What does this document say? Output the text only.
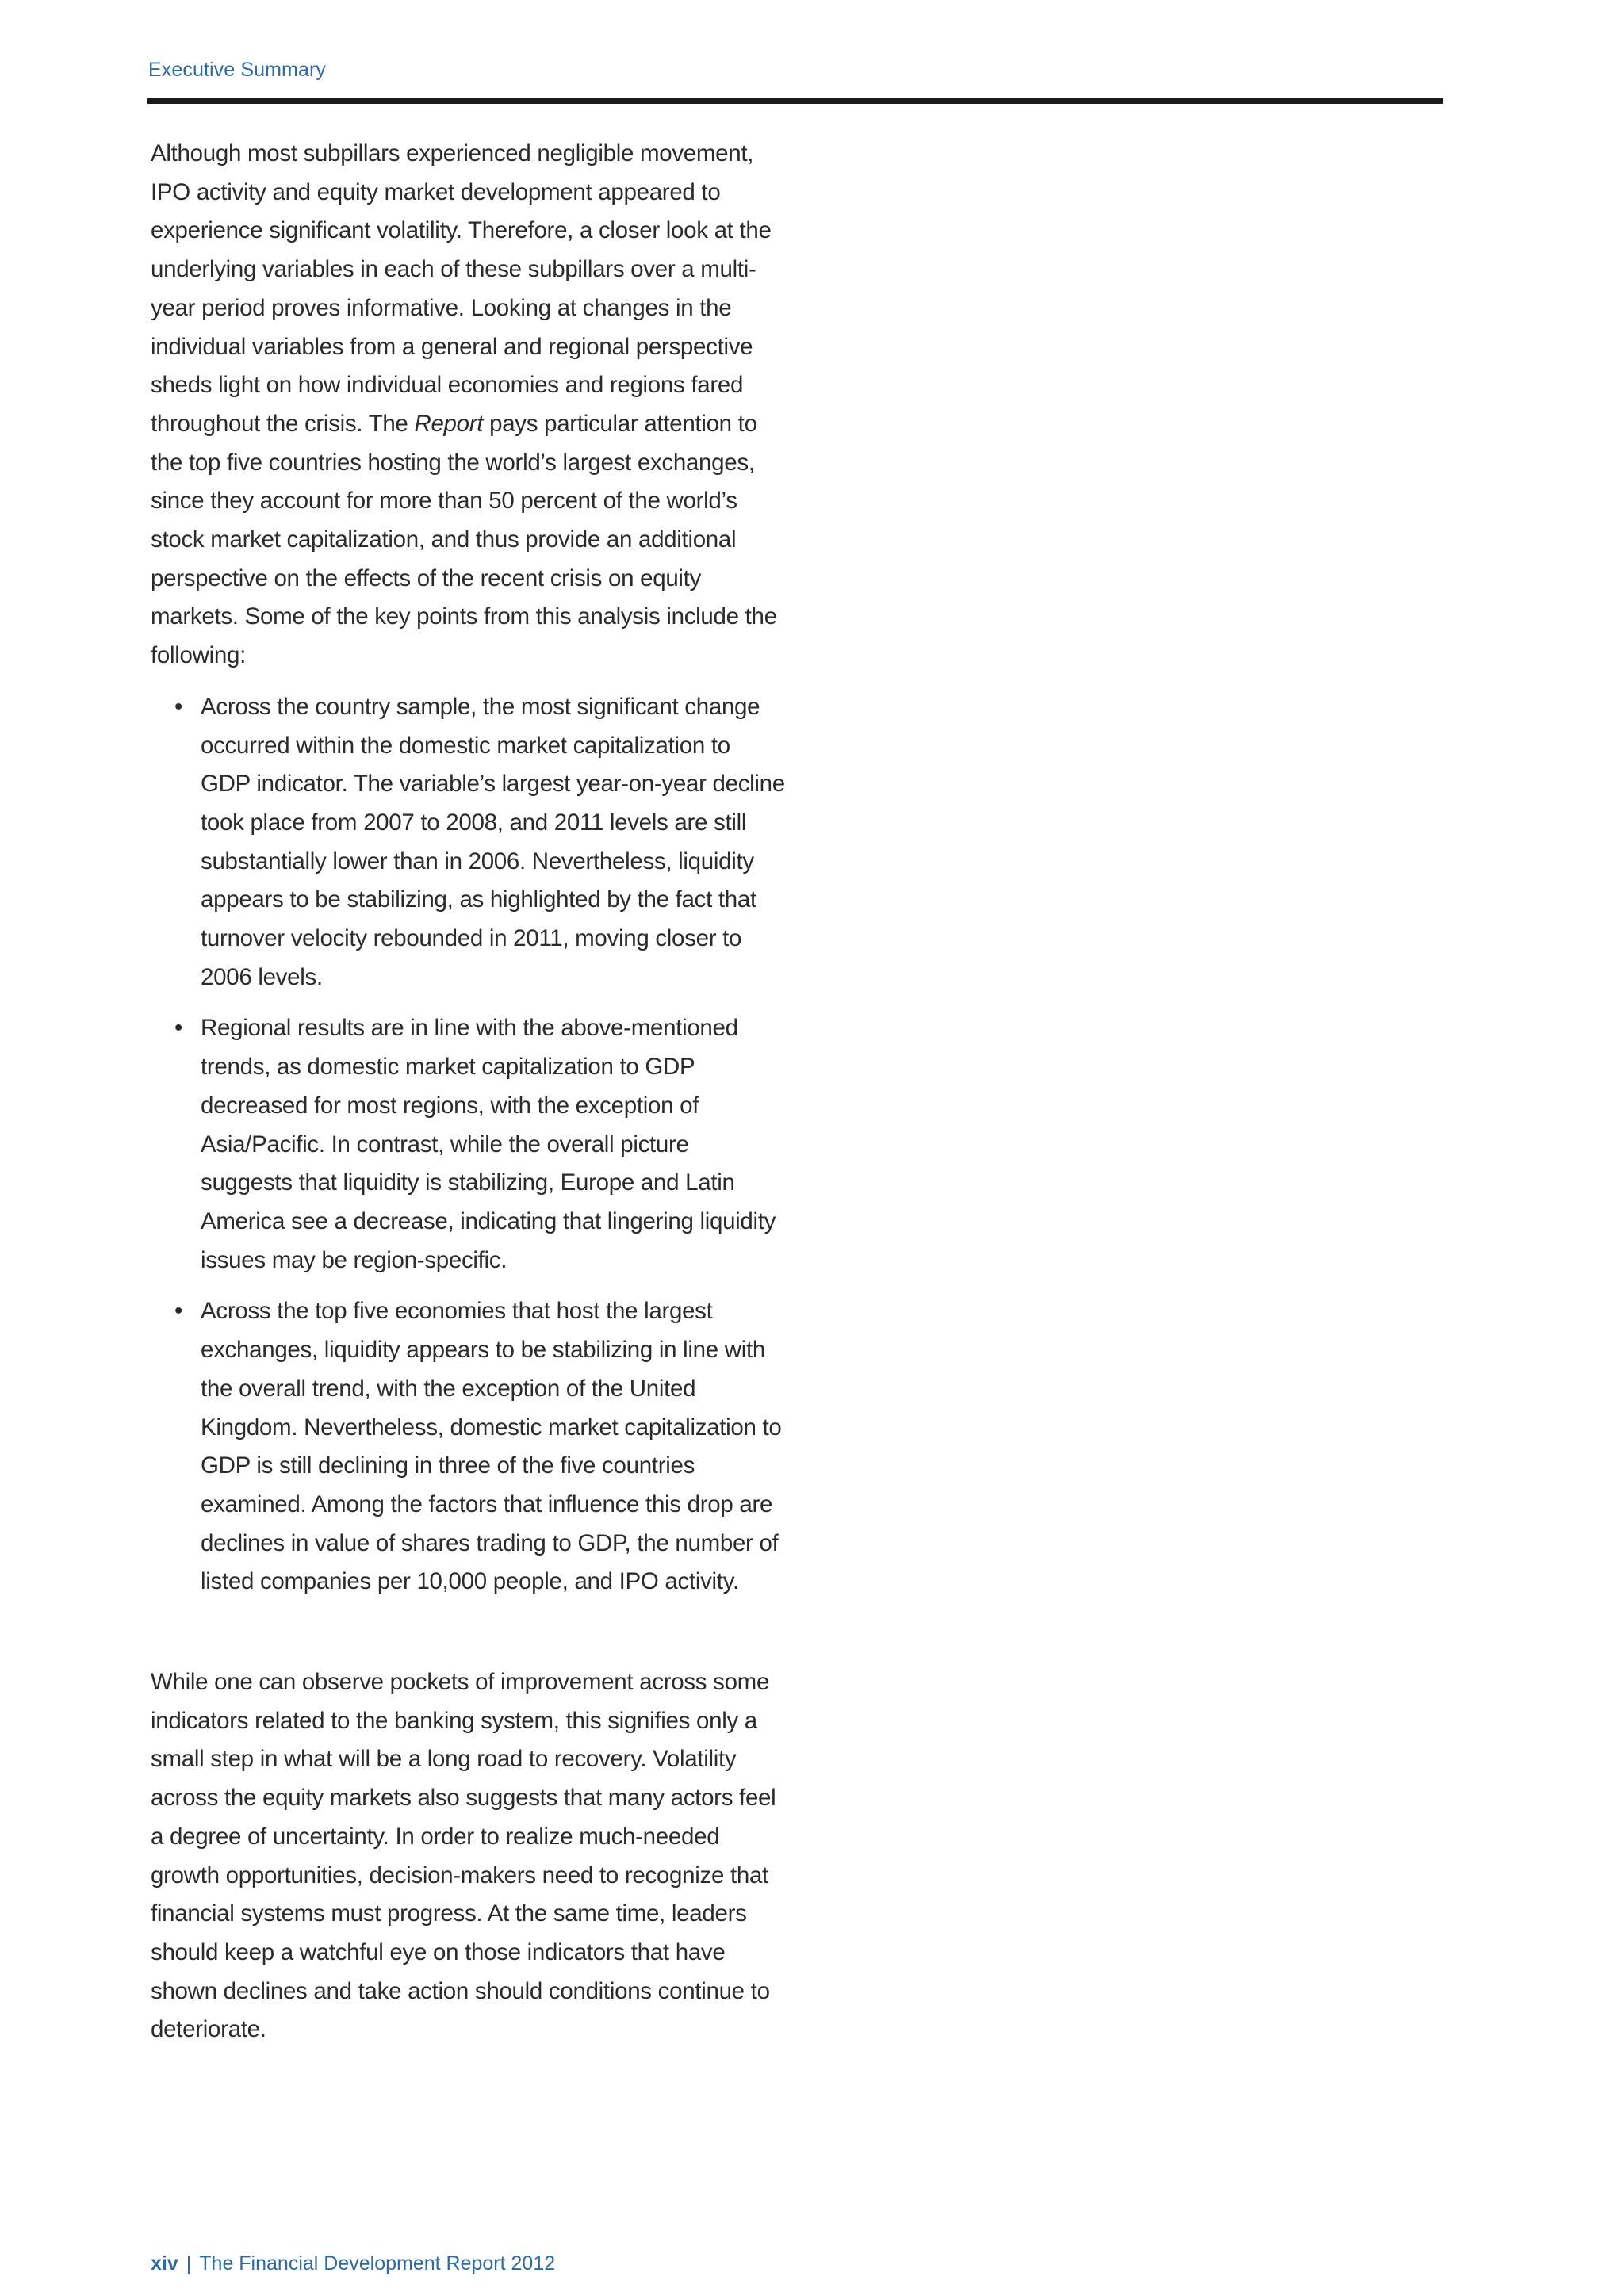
Executive Summary

Although most subpillars experienced negligible movement, IPO activity and equity market development appeared to experience significant volatility. Therefore, a closer look at the underlying variables in each of these subpillars over a multi-year period proves informative. Looking at changes in the individual variables from a general and regional perspective sheds light on how individual economies and regions fared throughout the crisis. The Report pays particular attention to the top five countries hosting the world’s largest exchanges, since they account for more than 50 percent of the world’s stock market capitalization, and thus provide an additional perspective on the effects of the recent crisis on equity markets. Some of the key points from this analysis include the following:

• Across the country sample, the most significant change occurred within the domestic market capitalization to GDP indicator. The variable’s largest year-on-year decline took place from 2007 to 2008, and 2011 levels are still substantially lower than in 2006. Nevertheless, liquidity appears to be stabilizing, as highlighted by the fact that turnover velocity rebounded in 2011, moving closer to 2006 levels.
• Regional results are in line with the above-mentioned trends, as domestic market capitalization to GDP decreased for most regions, with the exception of Asia/Pacific. In contrast, while the overall picture suggests that liquidity is stabilizing, Europe and Latin America see a decrease, indicating that lingering liquidity issues may be region-specific.
• Across the top five economies that host the largest exchanges, liquidity appears to be stabilizing in line with the overall trend, with the exception of the United Kingdom. Nevertheless, domestic market capitalization to GDP is still declining in three of the five countries examined. Among the factors that influence this drop are declines in value of shares trading to GDP, the number of listed companies per 10,000 people, and IPO activity.

While one can observe pockets of improvement across some indicators related to the banking system, this signifies only a small step in what will be a long road to recovery. Volatility across the equity markets also suggests that many actors feel a degree of uncertainty. In order to realize much-needed growth opportunities, decision-makers need to recognize that financial systems must progress. At the same time, leaders should keep a watchful eye on those indicators that have shown declines and take action should conditions continue to deteriorate.

xiv | The Financial Development Report 2012
